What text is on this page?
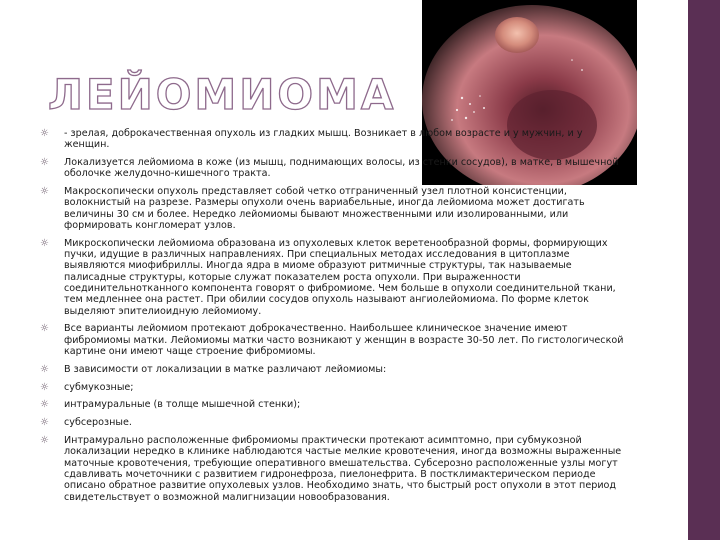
ЛЕЙОМИОМА
☼ - зрелая, доброкачественная опухоль из гладких мышц. Возникает в любом возрасте и у мужчин, и у женщин.
☼ Локализуется лейомиома в коже (из мышц, поднимающих волосы, из стенки сосудов), в матке, в мышечной оболочке желудочно-кишечного тракта.
☼ Макроскопически опухоль представляет собой четко отграниченный узел плотной консистенции, волокнистый на разрезе. Размеры опухоли очень вариабельные, иногда лейомиома может достигать величины 30 см и более. Нередко лейомиомы бывают множественными или изолированными, или формировать конгломерат узлов.
☼ Микроскопически лейомиома образована из опухолевых клеток веретенообразной формы, формирующих пучки, идущие в различных направлениях. При специальных методах исследования в цитоплазме выявляются миофибриллы. Иногда ядра в миоме образуют ритмичные структуры, так называемые палисадные структуры, которые служат показателем роста опухоли. При выраженности соединительнотканного компонента говорят о фибромиоме. Чем больше в опухоли соединительной ткани, тем медленнее она растет. При обилии сосудов опухоль называют ангиолейомиома. По форме клеток выделяют эпителиоидную лейомиому.
☼ Все варианты лейомиом протекают доброкачественно. Наибольшее клиническое значение имеют фибромиомы матки. Лейомиомы матки часто возникают у женщин в возрасте 30-50 лет. По гистологической картине они имеют чаще строение фибромиомы.
☼ В зависимости от локализации в матке различают лейомиомы:
☼ субмукозные;
☼ интрамуральные (в толще мышечной стенки);
☼ субсерозные.
☼ Интрамурально расположенные фибромиомы практически протекают асимптомно, при субмукозной локализации нередко в клинике наблюдаются частые мелкие кровотечения, иногда возможны выраженные маточные кровотечения, требующие оперативного вмешательства. Субсерозно расположенные узлы могут сдавливать мочеточники с развитием гидронефроза, пиелонефрита. В постклимактерическом периоде описано обратное развитие опухолевых узлов. Необходимо знать, что быстрый рост опухоли в этот период свидетельствует о возможной малигнизации новообразования.
